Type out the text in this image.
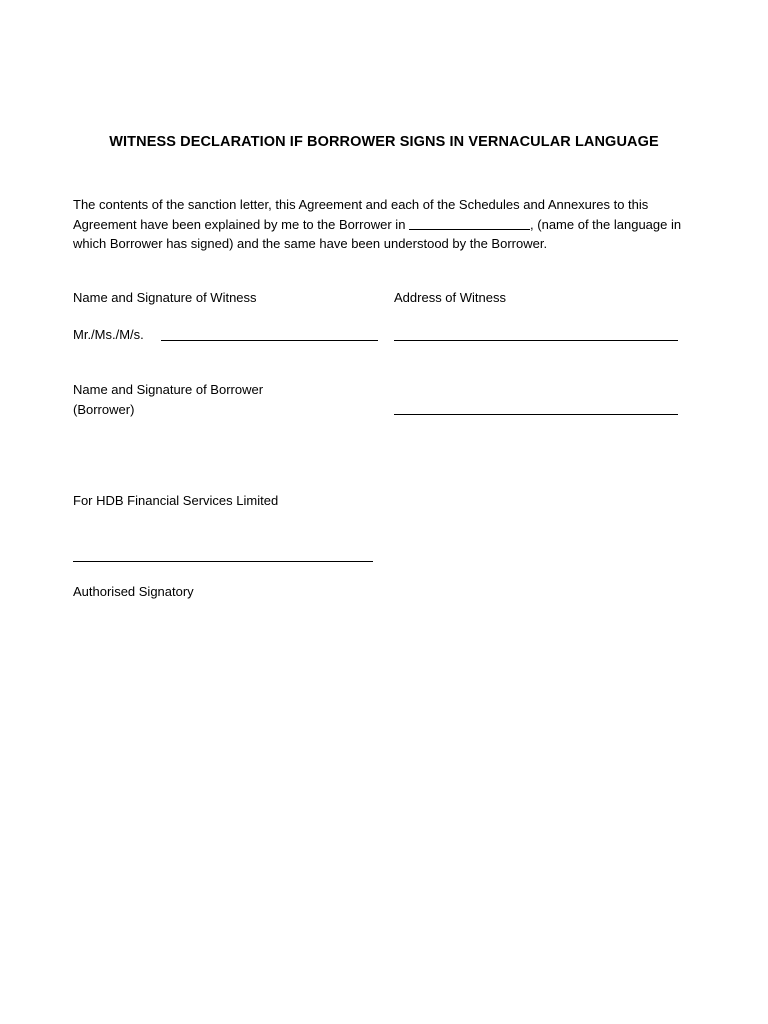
WITNESS DECLARATION IF BORROWER SIGNS IN VERNACULAR LANGUAGE

The contents of the sanction letter, this Agreement and each of the Schedules and Annexures to this Agreement have been explained by me to the Borrower in	, (name of the language in which Borrower has signed) and the same have been understood by the Borrower.

Name and Signature of Witness	Address of Witness
Mr./Ms./M/s.
Name and Signature of Borrower
(Borrower)
For HDB Financial Services Limited
Authorised Signatory
